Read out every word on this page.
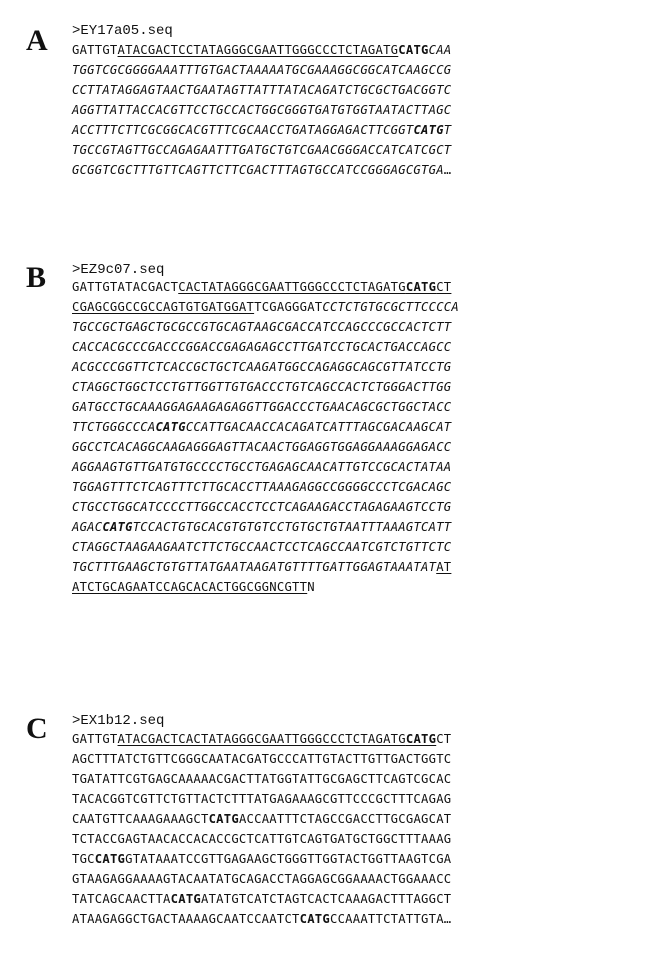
A >EY17a05.seq
GATTGTATACGACTCCTATAGGGCGAATTGGGCCCTCTAGATGCATGCAA
TGGTCGCGGGGAAATTTGTGACTAAAAATGCGAAAGGCGGCATCAAGCCG
CCTTATAGGAGTAACTGAATAGTTATTTATACAGATCTGCGCTGACGGTC
AGGTTATTACCACGTTCCTGCCACTGGCGGGTGATGTGGTAATACTTAGC
ACCTTTCTTCGCGGCACGTTTCGCAACCTGATAGGAGACTTCGGTCATGT
TGCCGTAGTTGCCAGAGAATTTGATGCTGTCGAACGGGACCATCATCGCT
GCGGTCGCTTTGTTCAGTTCTTCGACTTTAGTGCCATCCGGGAGCGTGA…
B >EZ9c07.seq
GATTGTATACGACTCACTATAGGGCGAATTGGGCCCTCTAGATGCATGCT
CGAGCGGCCGCCAGTGTGATGGATTCGAGGGATCCTCTGTGCGCTTCCCCA
TGCCGCTGAGCTGCGCCGTGCAGTAAGCGACCATCCAGCCCGCCACTCTT
CACCACGCCCGACCCGGACCGAGAGAGCCTTGATCCTGCACTGACCAGCC
ACGCCCGGTTCTCACCGCTGCTCAAGATGGCCAGAGGCAGCGTTATCCTG
CTAGGCTGGCTCCTGTTGGTTGTGACCCTGTCAGCCACTCTGGGACTTGG
GATGCCTGCAAAGGAGAAGAGAGGTTGGACCCTGAACAGCGCTGGCTACC
TTCTGGGCCCACATGCCATTGACAACCACAGATCATTTAGCGACAAGCAT
GGCCTCACAGGCAAGAGGGAGTTACAACTGGAGGTGGAGGAAAGGAGACC
AGGAAGTGTTGATGTGCCCCTGCCTGAGAGCAACATTGTCCGCACTATAA
TGGAGTTTCTCAGTTTCTTGCACCTTAAAGAGGCCGGGGCCCTCGACAGC
CTGCCTGGCATCCCCTTGGCCACCTCCTCAGAAGACCTAGAGAAGTCCTG
AGACCATGTCCACTGTGCACGTGTGTCCTGTGCTGTAATTTAAAGTCATT
CTAGGCTAAGAAGAATCTTCTGCCAACTCCTCAGCCAATCGTCTGTTCTC
TGCTTTGAAGCTGTGTTATGAATAAGATGTTTTGATTGGAGTAAATATAT
ATCTGCAGAATCCAGCACACTGGCGGNCGTTN
C >EX1b12.seq
GATTGTATACGACTCACTATAGGGCGAATTGGGCCCTCTAGATGCATGCT
AGCTTTATCTGTTCGGGCAATACGATGCCCATTGTACTTGTTGACTGGTC
TGATATTCGTGAGCAAAAACGACTTATGGTATTGCGAGCTTCAGTCGCAC
TACACGGTCGTTCTGTTACTCTTTATGAGAAAGCGTTCCCGCTTTCAGAG
CAATGTTCAAAGAAAGCTCATGACCAATTTCTAGCCGACCTTGCGAGCAT
TCTACCGAGTAACACCACACCGCTCATTGTCAGTGATGCTGGCTTTAAAG
TGCCATGGTATAAATCCGTTGAGAAGCTGGGTTGGTACTGGTTAAGTCGA
GTAAGAGGAAAAGTACAATATGCAGACCTAGGAGCGGAAAACTGGAAACC
TATCAGCAACTTACATGATATGTCATCTAGTCACTCAAAGACTTTAGGCT
ATAAGAGGCTGACTAAAAGCAATCCAATCTCATGCCAAATTCTATTGTA…
